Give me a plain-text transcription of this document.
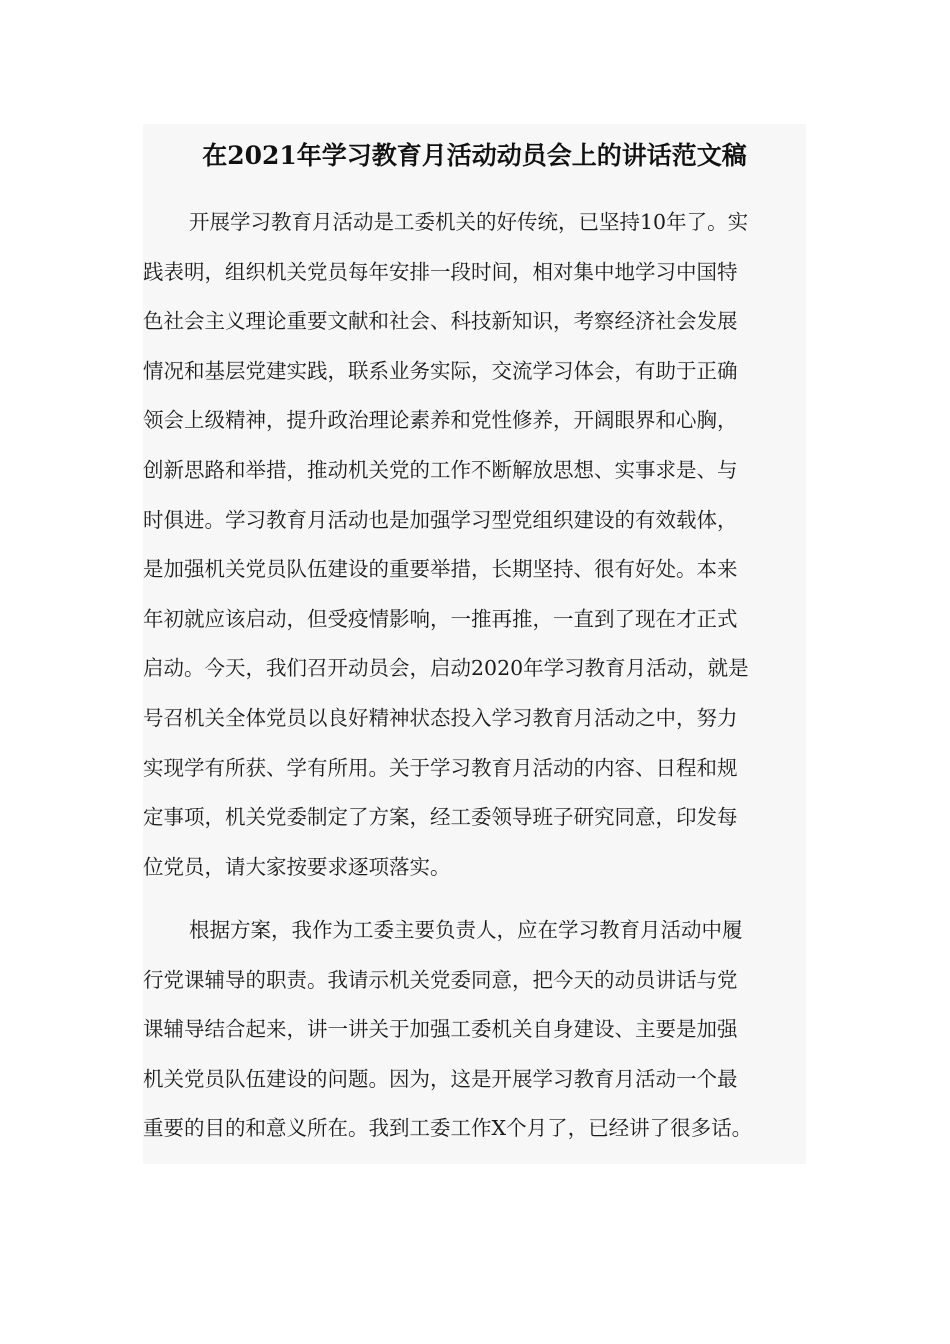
在2021年学习教育月活动动员会上的讲话范文稿
开展学习教育月活动是工委机关的好传统，已坚持10年了。实
践表明，组织机关党员每年安排一段时间，相对集中地学习中国特
色社会主义理论重要文献和社会、科技新知识，考察经济社会发展
情况和基层党建实践，联系业务实际，交流学习体会，有助于正确
领会上级精神，提升政治理论素养和党性修养，开阔眼界和心胸，
创新思路和举措，推动机关党的工作不断解放思想、实事求是、与
时俱进。学习教育月活动也是加强学习型党组织建设的有效载体，
是加强机关党员队伍建设的重要举措，长期坚持、很有好处。本来
年初就应该启动，但受疫情影响，一推再推，一直到了现在才正式
启动。今天，我们召开动员会，启动2020年学习教育月活动，就是
号召机关全体党员以良好精神状态投入学习教育月活动之中，努力
实现学有所获、学有所用。关于学习教育月活动的内容、日程和规
定事项，机关党委制定了方案，经工委领导班子研究同意，印发每
位党员，请大家按要求逐项落实。
根据方案，我作为工委主要负责人，应在学习教育月活动中履
行党课辅导的职责。我请示机关党委同意，把今天的动员讲话与党
课辅导结合起来，讲一讲关于加强工委机关自身建设、主要是加强
机关党员队伍建设的问题。因为，这是开展学习教育月活动一个最
重要的目的和意义所在。我到工委工作X个月了，已经讲了很多话。
